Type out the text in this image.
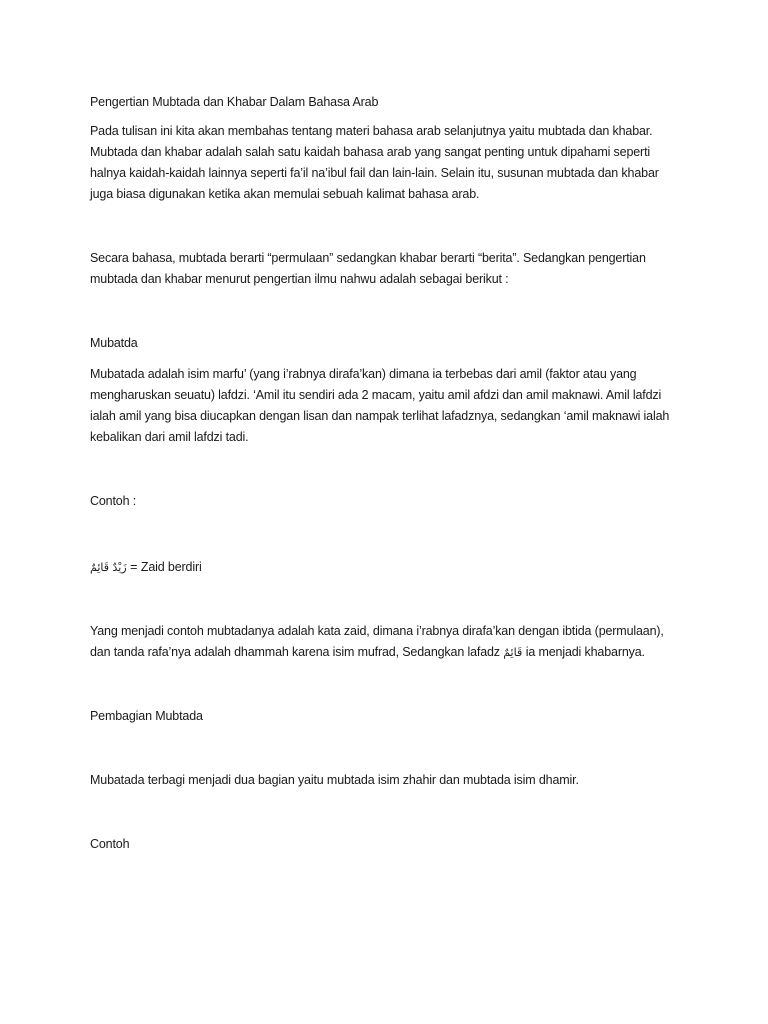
Pengertian Mubtada dan Khabar Dalam Bahasa Arab

Pada tulisan ini kita akan membahas tentang materi bahasa arab selanjutnya yaitu mubtada dan khabar. Mubtada dan khabar adalah salah satu kaidah bahasa arab yang sangat penting untuk dipahami seperti halnya kaidah-kaidah lainnya seperti fa’il na’ibul fail dan lain-lain. Selain itu, susunan mubtada dan khabar juga biasa digunakan ketika akan memulai sebuah kalimat bahasa arab.

Secara bahasa, mubtada berarti “permulaan” sedangkan khabar berarti “berita”. Sedangkan pengertian mubtada dan khabar menurut pengertian ilmu nahwu adalah sebagai berikut :

Mubatda

Mubatada adalah isim marfu’ (yang i’rabnya dirafa’kan) dimana ia terbebas dari amil (faktor atau yang mengharuskan seuatu) lafdzi. ‘Amil itu sendiri ada 2 macam, yaitu amil afdzi dan amil maknawi. Amil lafdzi ialah amil yang bisa diucapkan dengan lisan dan nampak terlihat lafadznya, sedangkan ‘amil maknawi ialah kebalikan dari amil lafdzi tadi.

Contoh :

زَيْدٌ قَائِمٌ = Zaid berdiri

Yang menjadi contoh mubtadanya adalah kata zaid, dimana i’rabnya dirafa’kan dengan ibtida (permulaan), dan tanda rafa’nya adalah dhammah karena isim mufrad, Sedangkan lafadz قَائِمٌ ia menjadi khabarnya.

Pembagian Mubtada

Mubatada terbagi menjadi dua bagian yaitu mubtada isim zhahir dan mubtada isim dhamir.

Contoh
